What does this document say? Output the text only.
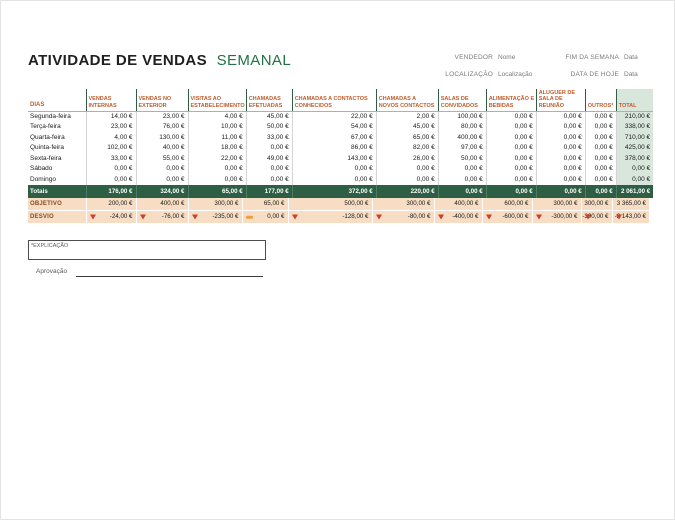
ATIVIDADE DE VENDAS SEMANAL	VENDEDOR Nome	FIM DA SEMANA Data
LOCALIZAÇÃO Localização	DATA DE HOJE Data
DIAS	VENDAS INTERNAS	VENDAS NO EXTERIOR	VISITAS AO ESTABELECIMENTO	CHAMADAS EFETUADAS	CHAMADAS A CONTACTOS CONHECIDOS	CHAMADAS A NOVOS CONTACTOS	SALAS DE CONVIDADOS	ALIMENTAÇÃO E BEBIDAS	ALUGUER DE SALA DE REUNIÃO	OUTROS*	TOTAL
Segunda-feira	14,00 €	23,00 €	4,00 €	45,00 €	22,00 €	2,00 €	100,00 €	0,00 €	0,00 €	0,00 €	210,00 €
Terça-feira	23,00 €	76,00 €	10,00 €	50,00 €	54,00 €	45,00 €	80,00 €	0,00 €	0,00 €	0,00 €	338,00 €
Quarta-feira	4,00 €	130,00 €	11,00 €	33,00 €	67,00 €	65,00 €	400,00 €	0,00 €	0,00 €	0,00 €	710,00 €
Quinta-feira	102,00 €	40,00 €	18,00 €	0,00 €	86,00 €	82,00 €	97,00 €	0,00 €	0,00 €	0,00 €	425,00 €
Sexta-feira	33,00 €	55,00 €	22,00 €	49,00 €	143,00 €	26,00 €	50,00 €	0,00 €	0,00 €	0,00 €	378,00 €
Sábado	0,00 €	0,00 €	0,00 €	0,00 €	0,00 €	0,00 €	0,00 €	0,00 €	0,00 €	0,00 €	0,00 €
Domingo	0,00 €	0,00 €	0,00 €	0,00 €	0,00 €	0,00 €	0,00 €	0,00 €	0,00 €	0,00 €	0,00 €
Totais	176,00 €	324,00 €	65,00 €	177,00 €	372,00 €	220,00 €	0,00 €	0,00 €	0,00 €	0,00 €	2 061,00 €
OBJETIVO	200,00 €	400,00 €	300,00 €	65,00 €	500,00 €	300,00 €	400,00 €	600,00 €	300,00 €	300,00 €	3 365,00 €
DESVIO	-24,00 €	-76,00 €	-235,00 €	0,00 €	-128,00 €	-80,00 €	-400,00 €	-600,00 €	-300,00 €	-300,00 €	-2 143,00 €
*EXPLICAÇÃO
Aprovação
